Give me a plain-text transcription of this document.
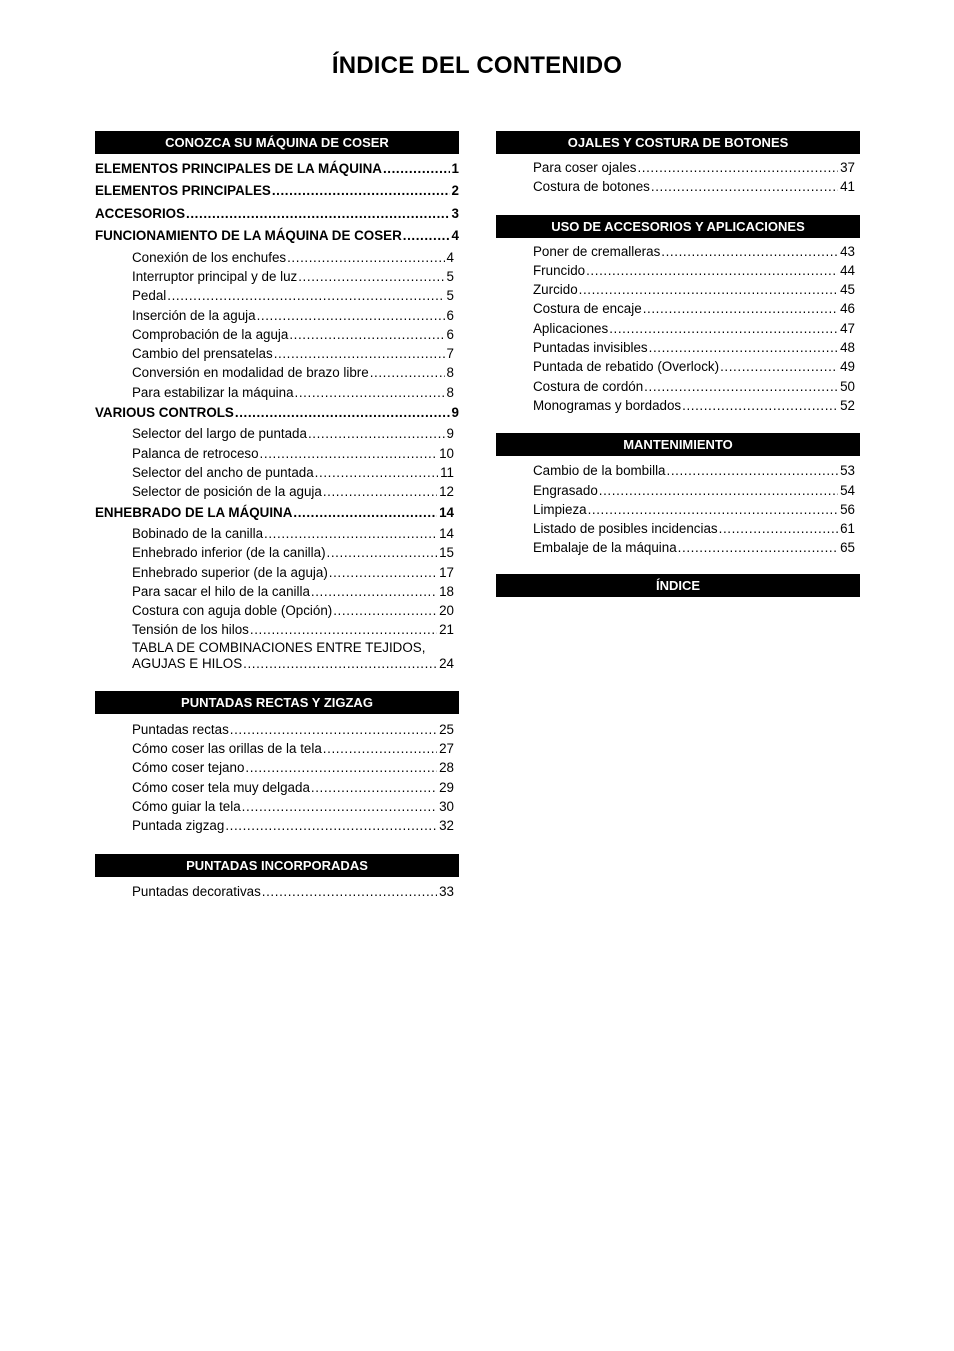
ÍNDICE DEL CONTENIDO
CONOZCA SU MÁQUINA DE COSER
ELEMENTOS PRINCIPALES DE LA MÁQUINA .....	1
ELEMENTOS PRINCIPALES .....	2
ACCESORIOS .....	3
FUNCIONAMIENTO DE LA MÁQUINA DE COSER .....	4
Conexión de los enchufes .....	4
Interruptor principal y de luz .....	5
Pedal .....	5
Inserción de la aguja .....	6
Comprobación de la aguja .....	6
Cambio del prensatelas .....	7
Conversión en modalidad de brazo libre .....	8
Para estabilizar la máquina .....	8
VARIOUS CONTROLS .....	9
Selector del largo de puntada .....	9
Palanca de retroceso .....	10
Selector del ancho de puntada .....	11
Selector de posición de la aguja .....	12
ENHEBRADO DE LA MÁQUINA .....	14
Bobinado de la canilla .....	14
Enhebrado inferior (de la canilla) .....	15
Enhebrado superior (de la aguja) .....	17
Para sacar el hilo de la canilla .....	18
Costura con aguja doble (Opción) .....	20
Tensión de los hilos .....	21
TABLA DE COMBINACIONES ENTRE TEJIDOS,
AGUJAS E HILOS .....	24
PUNTADAS RECTAS Y ZIGZAG
Puntadas rectas .....	25
Cómo coser las orillas de la tela .....	27
Cómo coser tejano .....	28
Cómo coser tela muy delgada .....	29
Cómo guiar la tela .....	30
Puntada zigzag .....	32
PUNTADAS INCORPORADAS
Puntadas decorativas .....	33
OJALES Y COSTURA DE BOTONES
Para coser ojales .....	37
Costura de botones .....	41
USO DE ACCESORIOS Y APLICACIONES
Poner de cremalleras .....	43
Fruncido .....	44
Zurcido .....	45
Costura de encaje .....	46
Aplicaciones .....	47
Puntadas invisibles .....	48
Puntada de rebatido (Overlock) .....	49
Costura de cordón .....	50
Monogramas y bordados .....	52
MANTENIMIENTO
Cambio de la bombilla .....	53
Engrasado .....	54
Limpieza .....	56
Listado de posibles incidencias .....	61
Embalaje de la máquina .....	65
ÍNDICE
